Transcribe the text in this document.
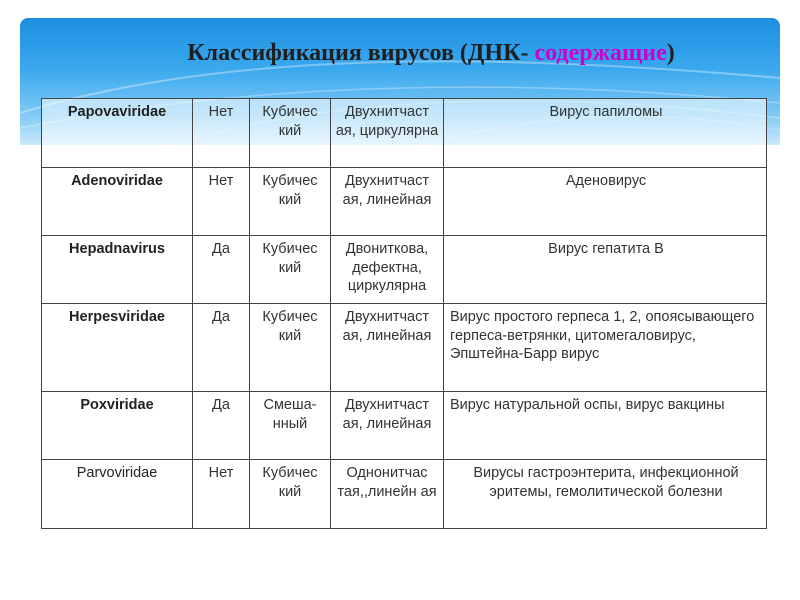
Классификация вирусов (ДНК- содержащие)
Papovaviridae	Нет	Кубичес кий	Двухнитчаст ая, циркулярна	Вирус папиломы
Adenoviridae	Нет	Кубичес кий	Двухнитчаст ая, линейная	Аденовирус
Hepadnavirus	Да	Кубичес кий	Двониткова, дефектна, циркулярна	Вирус гепатита В
Herpesviridae	Да	Кубичес кий	Двухнитчаст ая, линейная	Вирус простого герпеса 1, 2, опоясывающего герпеса-ветрянки, цитомегаловирус, Эпштейна-Барр вирус
Poxviridae	Да	Смеша- нный	Двухнитчаст ая, линейная	Вирус натуральной оспы, вирус вакцины
Parvoviridae	Нет	Кубичес кий	Однонитчас тая,,линейн ая	Вирусы гастроэнтерита, инфекционной эритемы, гемолитической болезни
